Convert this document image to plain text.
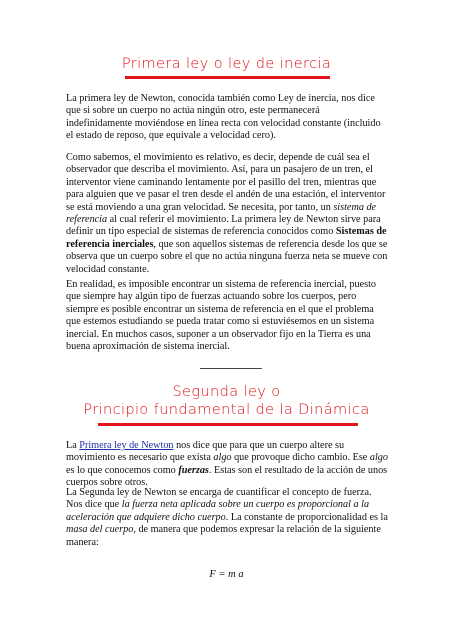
Primera ley o ley de inercia

La primera ley de Newton, conocida también como Ley de inercia, nos dice que si sobre un cuerpo no actúa ningún otro, este permanecerá indefinidamente moviéndose en línea recta con velocidad constante (incluido el estado de reposo, que equivale a velocidad cero).

Como sabemos, el movimiento es relativo, es decir, depende de cuál sea el observador que describa el movimiento. Así, para un pasajero de un tren, el interventor viene caminando lentamente por el pasillo del tren, mientras que para alguien que ve pasar el tren desde el andén de una estación, el interventor se está moviendo a una gran velocidad. Se necesita, por tanto, un sistema de referencia al cual referir el movimiento. La primera ley de Newton sirve para definir un tipo especial de sistemas de referencia conocidos como Sistemas de referencia inerciales, que son aquellos sistemas de referencia desde los que se observa que un cuerpo sobre el que no actúa ninguna fuerza neta se mueve con velocidad constante.

En realidad, es imposible encontrar un sistema de referencia inercial, puesto que siempre hay algún tipo de fuerzas actuando sobre los cuerpos, pero siempre es posible encontrar un sistema de referencia en el que el problema que estemos estudiando se pueda tratar como si estuviésemos en un sistema inercial. En muchos casos, suponer a un observador fijo en la Tierra es una buena aproximación de sistema inercial.

Segunda ley o
Principio fundamental de la Dinámica

La Primera ley de Newton nos dice que para que un cuerpo altere su movimiento es necesario que exista algo que provoque dicho cambio. Ese algo es lo que conocemos como fuerzas. Estas son el resultado de la acción de unos cuerpos sobre otros.

La Segunda ley de Newton se encarga de cuantificar el concepto de fuerza. Nos dice que la fuerza neta aplicada sobre un cuerpo es proporcional a la aceleración que adquiere dicho cuerpo. La constante de proporcionalidad es la masa del cuerpo, de manera que podemos expresar la relación de la siguiente manera:

F = m a
